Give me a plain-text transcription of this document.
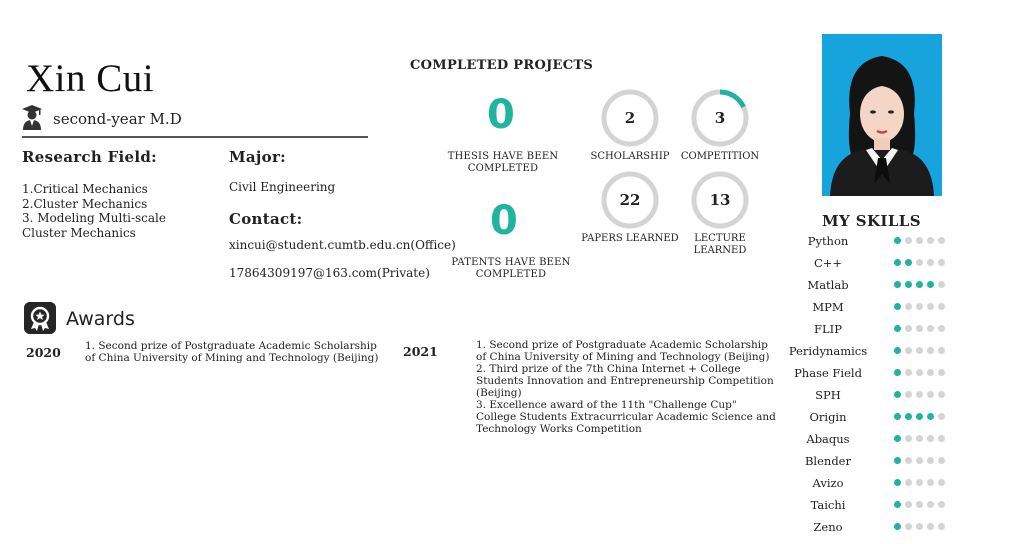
Xin Cui
second-year M.D
Research Field:
1.Critical Mechanics
2.Cluster Mechanics
3. Modeling Multi-scale Cluster Mechanics
Major:
Civil Engineering
Contact:
xincui@student.cumtb.edu.cn(Office)
17864309197@163.com(Private)
COMPLETED PROJECTS
0
THESIS HAVE BEEN COMPLETED
0
PATENTS HAVE BEEN COMPLETED
2
SCHOLARSHIP
3
COMPETITION
22
PAPERS LEARNED
13
LECTURE LEARNED
MY SKILLS
Python
C++
Matlab
MPM
FLIP
Peridynamics
Phase Field
SPH
Origin
Abaqus
Blender
Avizo
Taichi
Zeno
Awards
2020 1. Second prize of Postgraduate Academic Scholarship of China University of Mining and Technology (Beijing)	2021	1. Second prize of Postgraduate Academic Scholarship of China University of Mining and Technology (Beijing)
2. Third prize of the 7th China Internet + College Students Innovation and Entrepreneurship Competition (Beijing)
3. Excellence award of the 11th "Challenge Cup" College Students Extracurricular Academic Science and Technology Works Competition
